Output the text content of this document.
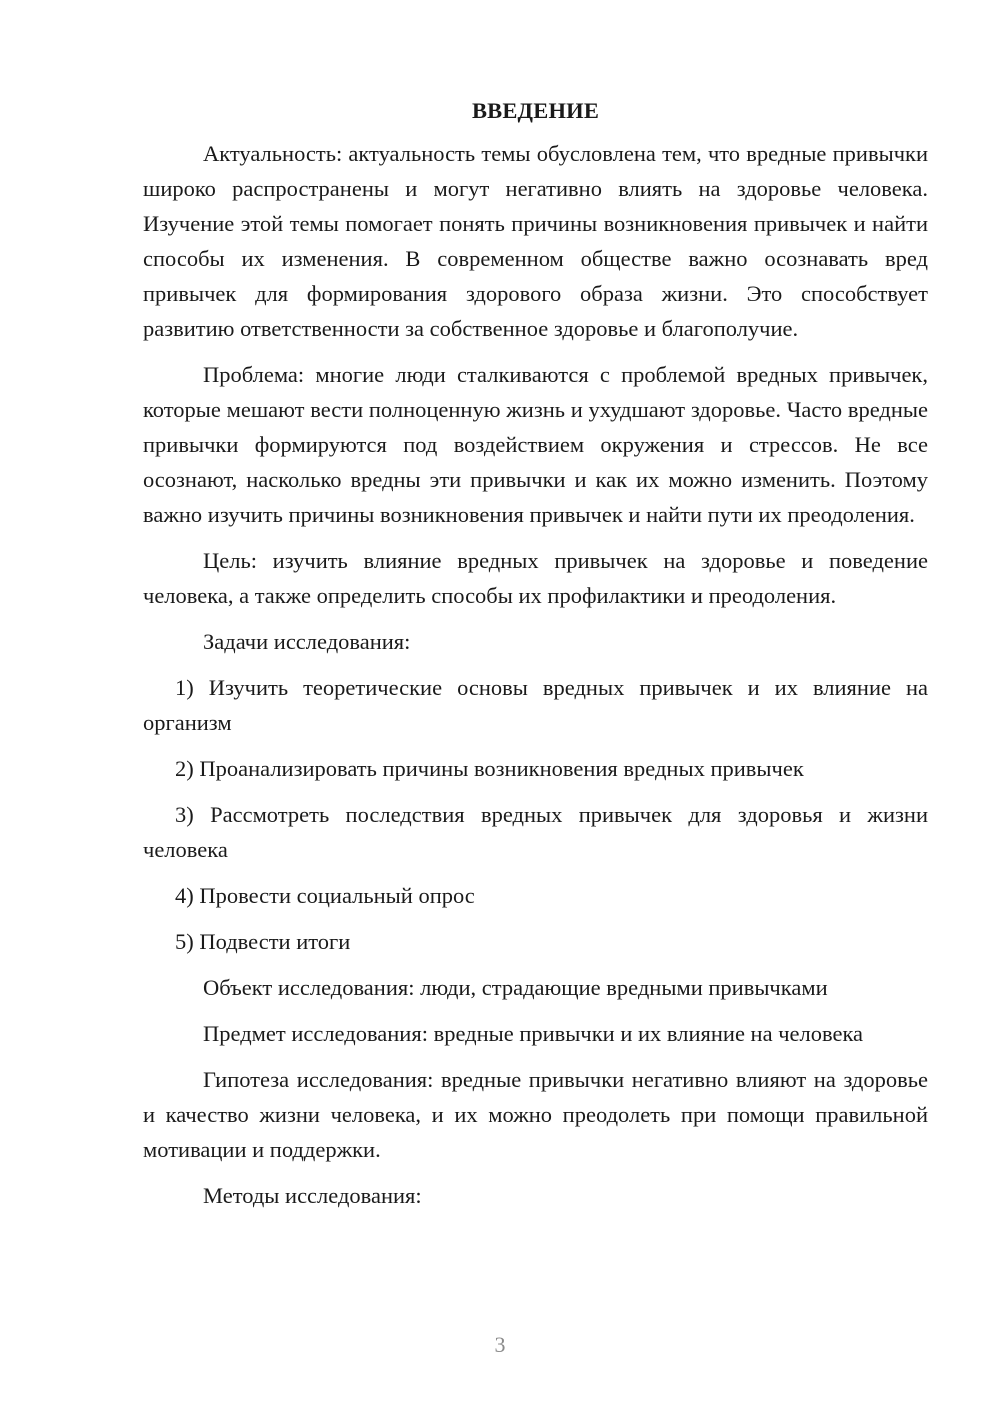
ВВЕДЕНИЕ

Актуальность: актуальность темы обусловлена тем, что вредные привычки широко распространены и могут негативно влиять на здоровье человека. Изучение этой темы помогает понять причины возникновения привычек и найти способы их изменения. В современном обществе важно осознавать вред привычек для формирования здорового образа жизни. Это способствует развитию ответственности за собственное здоровье и благополучие.

Проблема: многие люди сталкиваются с проблемой вредных привычек, которые мешают вести полноценную жизнь и ухудшают здоровье. Часто вредные привычки формируются под воздействием окружения и стрессов. Не все осознают, насколько вредны эти привычки и как их можно изменить. Поэтому важно изучить причины возникновения привычек и найти пути их преодоления.

Цель: изучить влияние вредных привычек на здоровье и поведение человека, а также определить способы их профилактики и преодоления.

Задачи исследования:

1) Изучить теоретические основы вредных привычек и их влияние на организм
2) Проанализировать причины возникновения вредных привычек
3) Рассмотреть последствия вредных привычек для здоровья и жизни человека
4) Провести социальный опрос
5) Подвести итоги

Объект исследования: люди, страдающие вредными привычками

Предмет исследования: вредные привычки и их влияние на человека

Гипотеза исследования: вредные привычки негативно влияют на здоровье и качество жизни человека, и их можно преодолеть при помощи правильной мотивации и поддержки.

Методы исследования:

3
